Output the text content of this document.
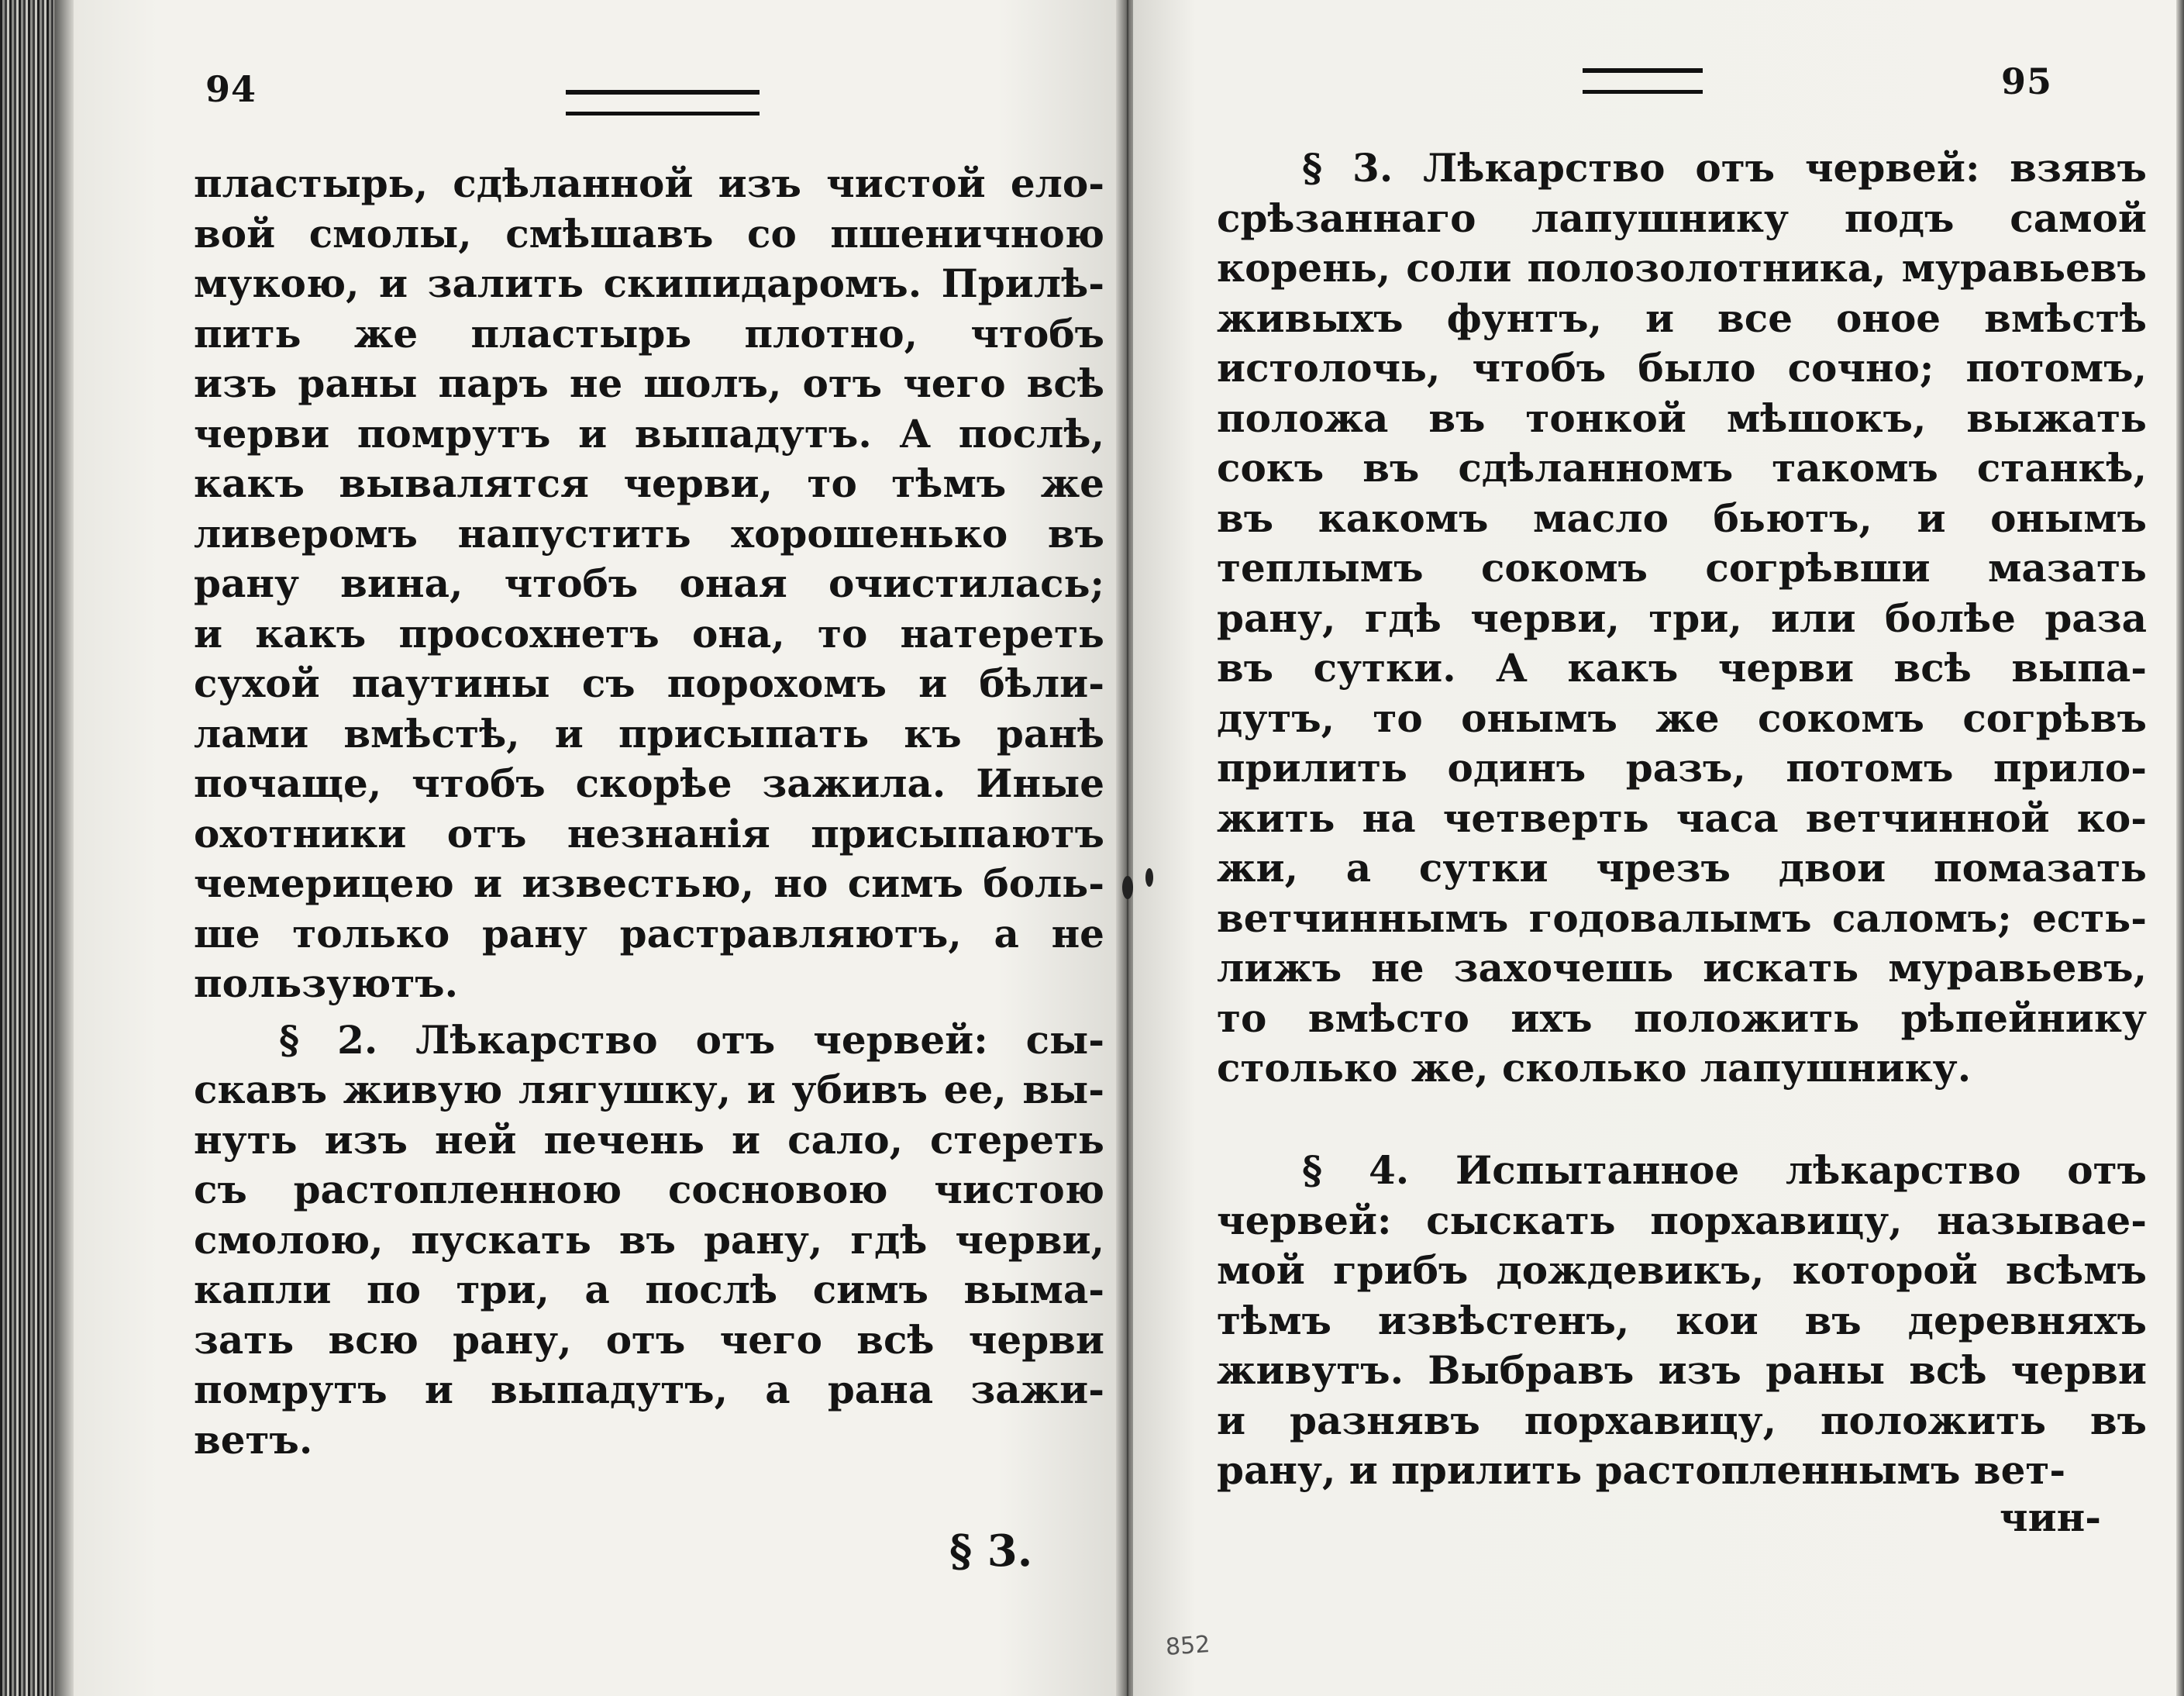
94
пластырь, сдѣланной изъ чистой ело-
вой смолы, смѣшавъ со пшеничною
мукою, и залить скипидаромъ. Прилѣ-
пить же пластырь плотно, чтобъ
изъ раны паръ не шолъ, отъ чего всѣ
черви помрутъ и выпадутъ. А послѣ,
какъ вывалятся черви, то тѣмъ же
ливеромъ напустить хорошенько въ
рану вина, чтобъ оная очистилась;
и какъ просохнетъ она, то натереть
сухой паутины съ порохомъ и бѣли-
лами вмѣстѣ, и присыпать къ ранѣ
почаще, чтобъ скорѣе зажила. Иные
охотники отъ незнанія присыпаютъ
чемерицею и известью, но симъ боль-
ше только рану растравляютъ, а не
пользуютъ.
§ 2. Лѣкарство отъ червей: сы-
скавъ живую лягушку, и убивъ ее, вы-
нуть изъ ней печень и сало, стереть
съ растопленною сосновою чистою
смолою, пускать въ рану, гдѣ черви,
капли по три, а послѣ симъ выма-
зать всю рану, отъ чего всѣ черви
помрутъ и выпадутъ, а рана зажи-
ветъ.
§ 3.
95
§ 3. Лѣкарство отъ червей: взявъ
срѣзаннаго лапушнику подъ самой
корень, соли полозолотника, муравьевъ
живыхъ фунтъ, и все оное вмѣстѣ
истолочь, чтобъ было сочно; потомъ,
положа въ тонкой мѣшокъ, выжать
сокъ въ сдѣланномъ такомъ станкѣ,
въ какомъ масло бьютъ, и онымъ
теплымъ сокомъ согрѣвши мазать
рану, гдѣ черви, три, или болѣе раза
въ сутки. А какъ черви всѣ выпа-
дутъ, то онымъ же сокомъ согрѣвъ
прилить одинъ разъ, потомъ прило-
жить на четверть часа ветчинной ко-
жи, а сутки чрезъ двои помазать
ветчиннымъ годовалымъ саломъ; есть-
лижъ не захочешь искать муравьевъ,
то вмѣсто ихъ положить рѣпейнику
столько же, сколько лапушнику.
§ 4. Испытанное лѣкарство отъ
червей: сыскать порхавицу, называе-
мой грибъ дождевикъ, которой всѣмъ
тѣмъ извѣстенъ, кои въ деревняхъ
живутъ. Выбравъ изъ раны всѣ черви
и разнявъ порхавицу, положить въ
рану, и прилить растопленнымъ вет-
чин-
852
